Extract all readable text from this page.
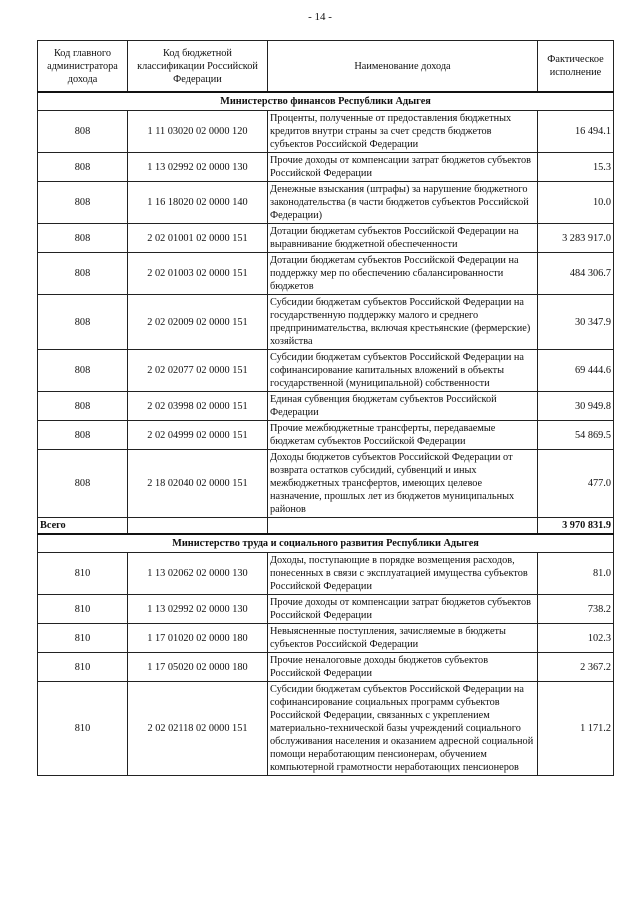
- 14 -
Код главного администратора дохода	Код бюджетной классификации Российской Федерации	Наименование дохода	Фактическое исполнение
Министерство финансов Республики Адыгея			
808	1 11 03020 02 0000 120	Проценты, полученные от предоставления бюджетных кредитов внутри страны за счет средств бюджетов субъектов Российской Федерации	16 494.1
808	1 13 02992 02 0000 130	Прочие доходы от компенсации затрат бюджетов субъектов Российской Федерации	15.3
808	1 16 18020 02 0000 140	Денежные взыскания (штрафы) за нарушение бюджетного законодательства (в части бюджетов субъектов Российской Федерации)	10.0
808	2 02 01001 02 0000 151	Дотации бюджетам субъектов Российской Федерации на выравнивание бюджетной обеспеченности	3 283 917.0
808	2 02 01003 02 0000 151	Дотации бюджетам субъектов Российской Федерации на поддержку мер по обеспечению сбалансированности бюджетов	484 306.7
808	2 02 02009 02 0000 151	Субсидии бюджетам субъектов Российской Федерации на государственную поддержку малого и среднего предпринимательства, включая крестьянские (фермерские) хозяйства	30 347.9
808	2 02 02077 02 0000 151	Субсидии бюджетам субъектов Российской Федерации на софинансирование капитальных вложений в объекты государственной (муниципальной) собственности	69 444.6
808	2 02 03998 02 0000 151	Единая субвенция бюджетам субъектов Российской Федерации	30 949.8
808	2 02 04999 02 0000 151	Прочие межбюджетные трансферты, передаваемые бюджетам субъектов Российской Федерации	54 869.5
808	2 18 02040 02 0000 151	Доходы бюджетов субъектов Российской Федерации от возврата остатков субсидий, субвенций и иных межбюджетных трансфертов, имеющих целевое назначение, прошлых лет из бюджетов муниципальных районов	477.0
Всего			3 970 831.9
Министерство труда и социального развития Республики Адыгея			
810	1 13 02062 02 0000 130	Доходы, поступающие в порядке возмещения расходов, понесенных в связи с эксплуатацией имущества субъектов Российской Федерации	81.0
810	1 13 02992 02 0000 130	Прочие доходы от компенсации затрат бюджетов субъектов Российской Федерации	738.2
810	1 17 01020 02 0000 180	Невыясненные поступления, зачисляемые в бюджеты субъектов Российской Федерации	102.3
810	1 17 05020 02 0000 180	Прочие неналоговые доходы бюджетов субъектов Российской Федерации	2 367.2
810	2 02 02118 02 0000 151	Субсидии бюджетам субъектов Российской Федерации на софинансирование социальных программ субъектов Российской Федерации, связанных с укреплением материально-технической базы учреждений социального обслуживания населения и оказанием адресной социальной помощи неработающим пенсионерам, обучением компьютерной грамотности неработающих пенсионеров	1 171.2
